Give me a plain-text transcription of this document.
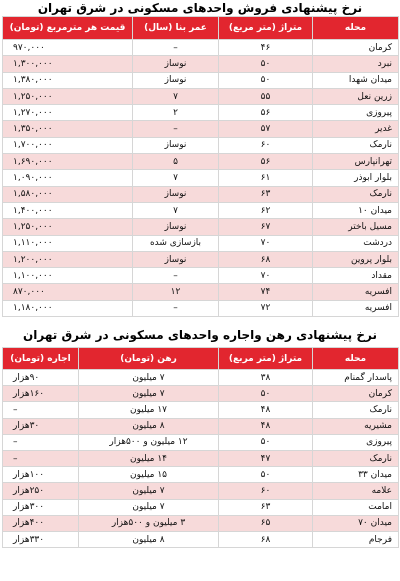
نرخ پیشنهادی فروش واحدهای مسکونی در شرق تهران
محله	متراژ (متر مربع)	عمر بنا (سال)	قیمت هر مترمربع (تومان)
کرمان	۴۶	–	۹۷۰,۰۰۰
نبرد	۵۰	نوساز	۱,۳۰۰,۰۰۰
میدان شهدا	۵۰	نوساز	۱,۳۸۰,۰۰۰
زرین نعل	۵۵	۷	۱,۲۵۰,۰۰۰
پیروزی	۵۶	۲	۱,۲۷۰,۰۰۰
غدیر	۵۷	–	۱,۳۵۰,۰۰۰
نارمک	۶۰	نوساز	۱,۷۰۰,۰۰۰
تهرانپارس	۵۶	۵	۱,۶۹۰,۰۰۰
بلوار ابوذر	۶۱	۷	۱,۰۹۰,۰۰۰
نارمک	۶۳	نوساز	۱,۵۸۰,۰۰۰
میدان ۱۰	۶۲	۷	۱,۴۰۰,۰۰۰
مسیل باختر	۶۷	نوساز	۱,۲۵۰,۰۰۰
دردشت	۷۰	بازسازی شده	۱,۱۱۰,۰۰۰
بلوار پروین	۶۸	نوساز	۱,۲۰۰,۰۰۰
مقداد	۷۰	–	۱,۱۰۰,۰۰۰
افسریه	۷۴	۱۲	۸۷۰,۰۰۰
افسریه	۷۲	–	۱,۱۸۰,۰۰۰
نرخ پیشنهادی رهن واجاره واحدهای مسکونی در شرق تهران
محله	متراژ (متر مربع)	رهن (تومان)	اجاره (تومان)
پاسدار گمنام	۳۸	۷ میلیون	۹۰هزار
کرمان	۵۰	۷ میلیون	۱۶۰هزار
نارمک	۴۸	۱۷ میلیون	–
مشیریه	۴۸	۸ میلیون	۳۰هزار
پیروزی	۵۰	۱۲ میلیون و ۵۰۰هزار	–
نارمک	۴۷	۱۴ میلیون	–
میدان ۳۳	۵۰	۱۵ میلیون	۱۰۰هزار
علامه	۶۰	۷ میلیون	۲۵۰هزار
امامت	۶۳	۷ میلیون	۳۰۰هزار
میدان ۷۰	۶۵	۳ میلیون و ۵۰۰هزار	۴۰۰هزار
فرجام	۶۸	۸ میلیون	۳۳۰هزار
